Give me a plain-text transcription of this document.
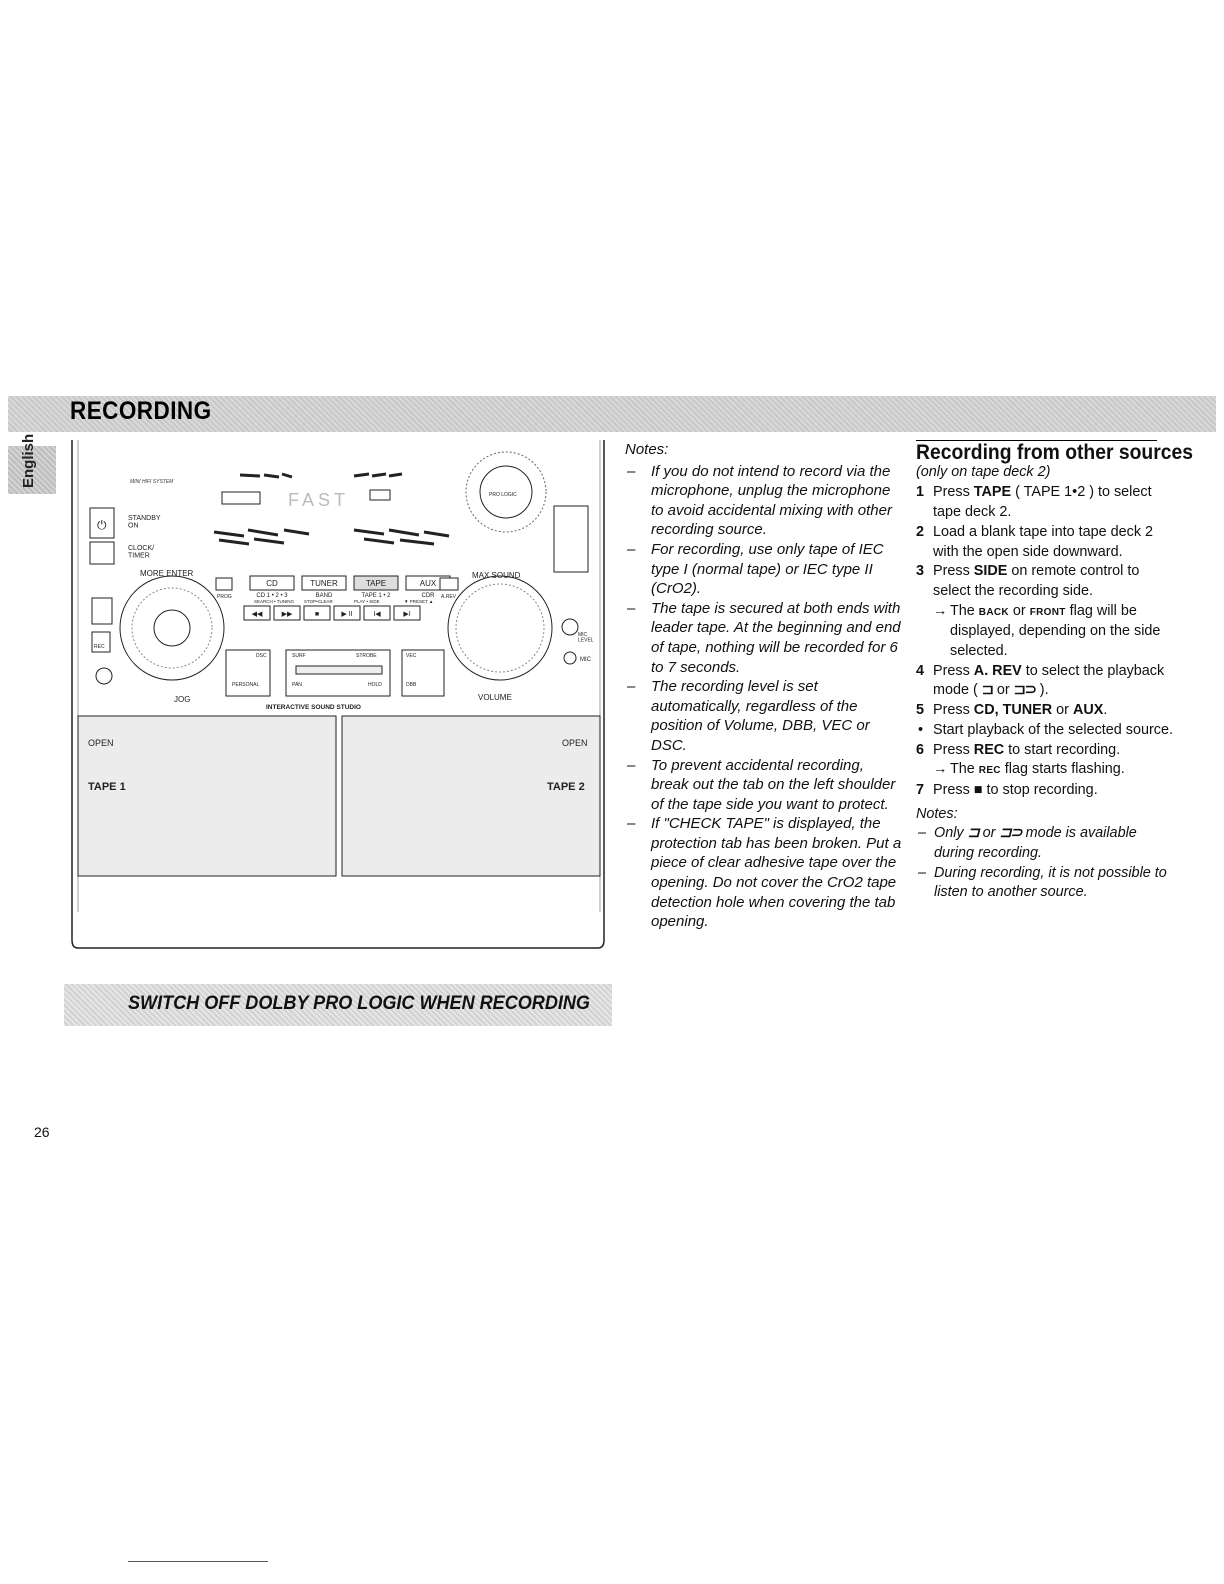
RECORDING
English	MINI HIFI SYSTEM
⏻	STANDBY ON
CLOCK/ TIMER
FAST	PRO LOGIC
PROG
CD
CD 1 • 2 • 3
TUNER
BAND
TAPE
TAPE 1 • 2
AUX
CDR A.REV
◀◀	▶▶	■	▶ II	I◀	▶I
SEARCH • TUNING STOP•CLEAR	PLAY • SIDE	▼ PRESET ▲
JOG	VOLUME
MORE ENTER	MAX SOUND
REC
MIC LEVEL
MIC
DSC
PERSONAL
SURF	STROBE
PAN	HOLD
VEC
DBB
INTERACTIVE SOUND STUDIO
OPEN
TAPE 1
OPEN
TAPE 2
Notes:
– If you do not intend to record via the microphone, unplug the microphone to avoid accidental mixing with other recording source.
– For recording, use only tape of IEC type I (normal tape) or IEC type II (CrO2).
– The tape is secured at both ends with leader tape. At the beginning and end of tape, nothing will be recorded for 6 to 7 seconds.
– The recording level is set automatically, regardless of the position of Volume, DBB, VEC or DSC.
– To prevent accidental recording, break out the tab on the left shoulder of the tape side you want to protect.
– If "CHECK TAPE" is displayed, the protection tab has been broken. Put a piece of clear adhesive tape over the opening. Do not cover the CrO2 tape detection hole when covering the tab opening.
Recording from other sources
(only on tape deck 2)
1 Press TAPE ( TAPE 1•2 ) to select tape deck 2.
2 Load a blank tape into tape deck 2 with the open side downward.
3 Press SIDE on remote control to select the recording side.
→ The BACK or FRONT flag will be displayed, depending on the side selected.
4 Press A. REV to select the playback mode ( ⊐ or ⊐⊃ ).
5 Press CD, TUNER or AUX.
• Start playback of the selected source.
6 Press REC to start recording.
→ The REC flag starts flashing.
7 Press ■ to stop recording.
Notes:
– Only ⊐ or ⊐⊃ mode is available during recording.
– During recording, it is not possible to listen to another source.
SWITCH OFF DOLBY PRO LOGIC WHEN RECORDING
26
